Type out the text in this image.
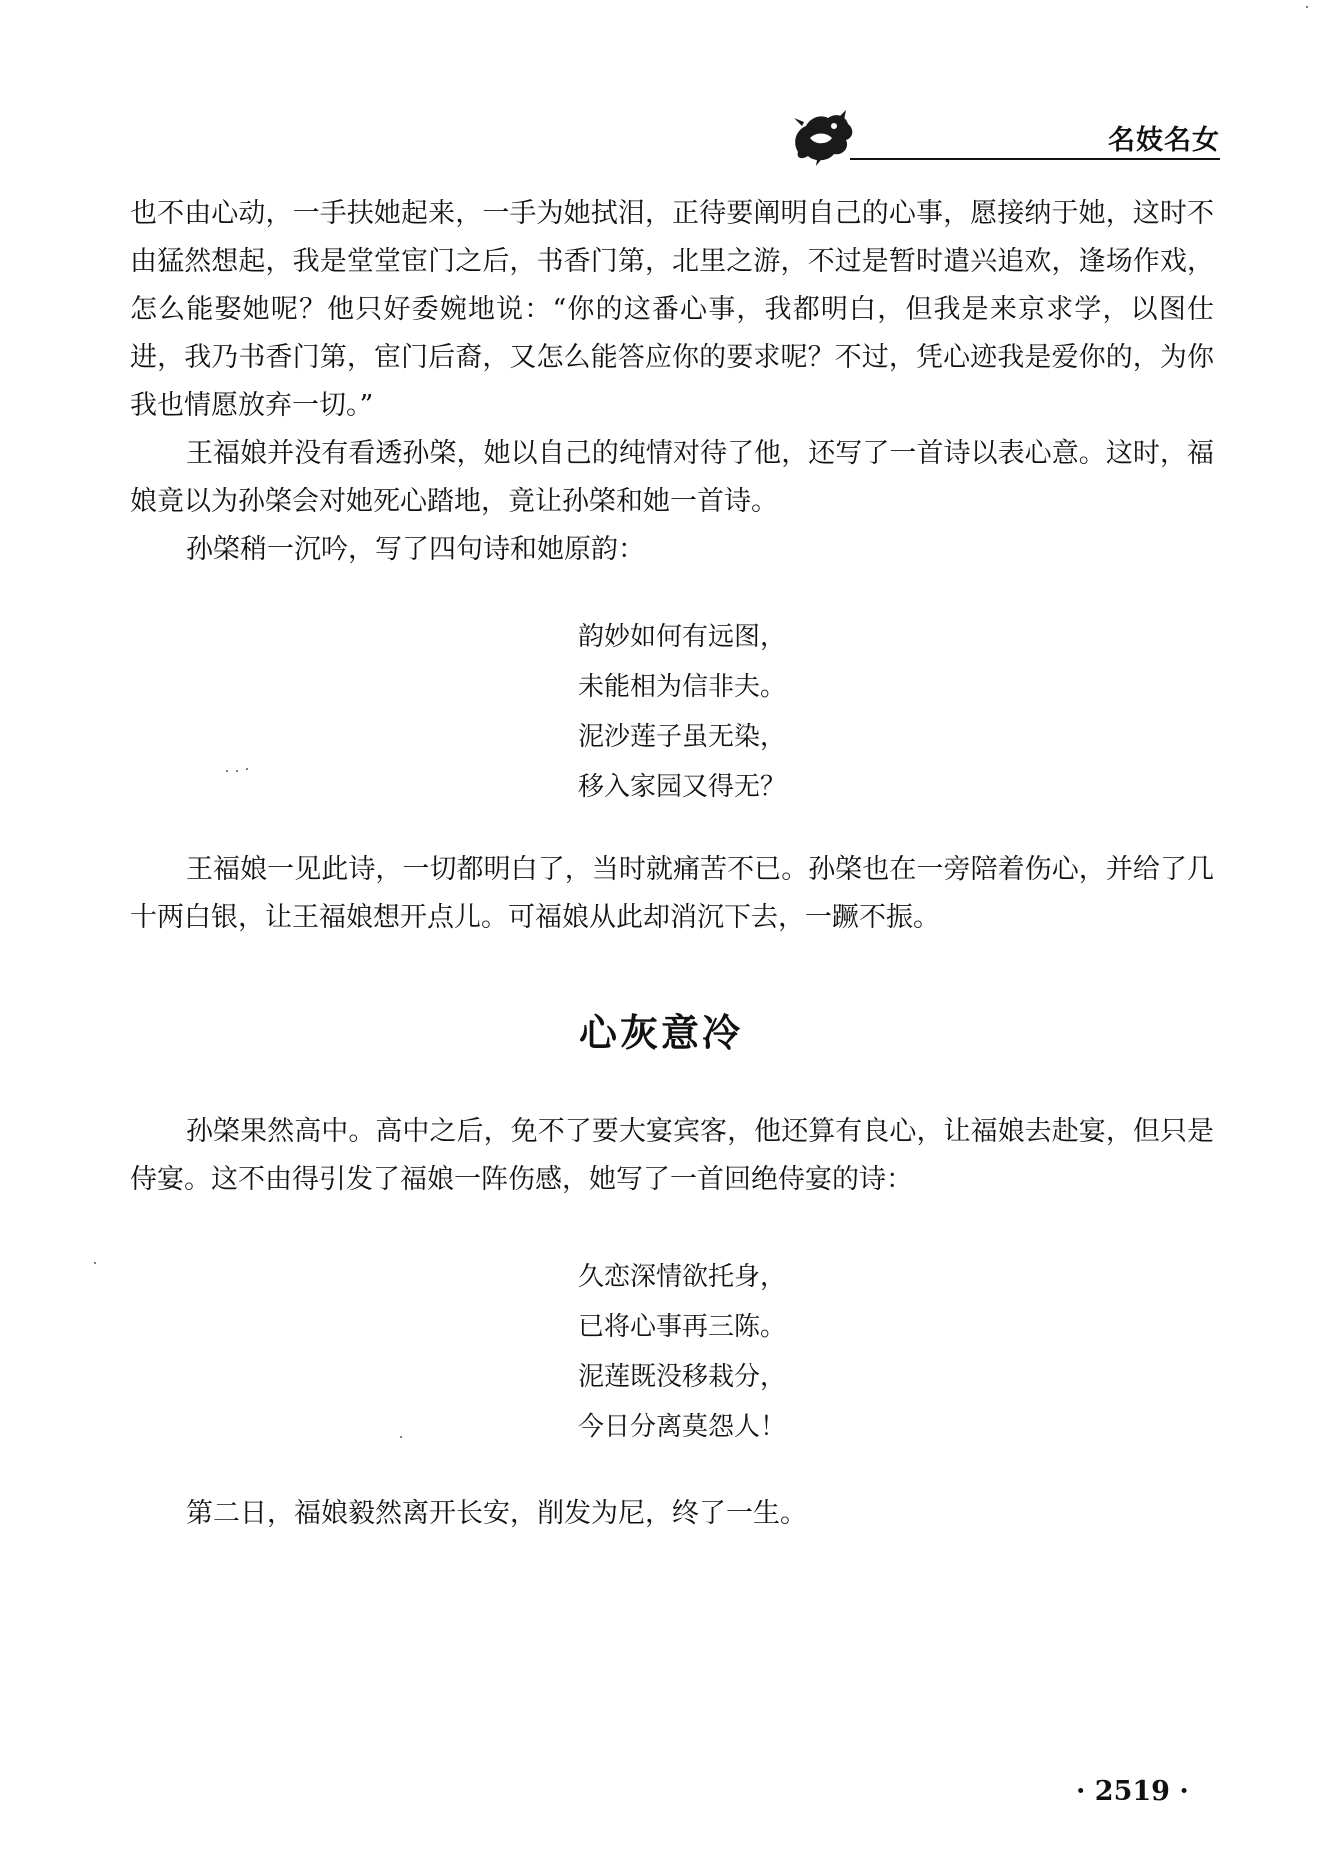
名妓名女

也不由心动，一手扶她起来，一手为她拭泪，正待要阐明自己的心事，愿接纳于她，这时不由猛然想起，我是堂堂宦门之后，书香门第，北里之游，不过是暂时遣兴追欢，逢场作戏，怎么能娶她呢？他只好委婉地说：“你的这番心事，我都明白，但我是来京求学，以图仕进，我乃书香门第，宦门后裔，又怎么能答应你的要求呢？不过，凭心迹我是爱你的，为你我也情愿放弃一切。”

王福娘并没有看透孙棨，她以自己的纯情对待了他，还写了一首诗以表心意。这时，福娘竟以为孙棨会对她死心踏地，竟让孙棨和她一首诗。

孙棨稍一沉吟，写了四句诗和她原韵：

韵妙如何有远图，
未能相为信非夫。
泥沙莲子虽无染，
移入家园又得无？

王福娘一见此诗，一切都明白了，当时就痛苦不已。孙棨也在一旁陪着伤心，并给了几十两白银，让王福娘想开点儿。可福娘从此却消沉下去，一蹶不振。

心灰意冷

孙棨果然高中。高中之后，免不了要大宴宾客，他还算有良心，让福娘去赴宴，但只是侍宴。这不由得引发了福娘一阵伤感，她写了一首回绝侍宴的诗：

久恋深情欲托身，
已将心事再三陈。
泥莲既没移栽分，
今日分离莫怨人！

第二日，福娘毅然离开长安，削发为尼，终了一生。

· 2519 ·
